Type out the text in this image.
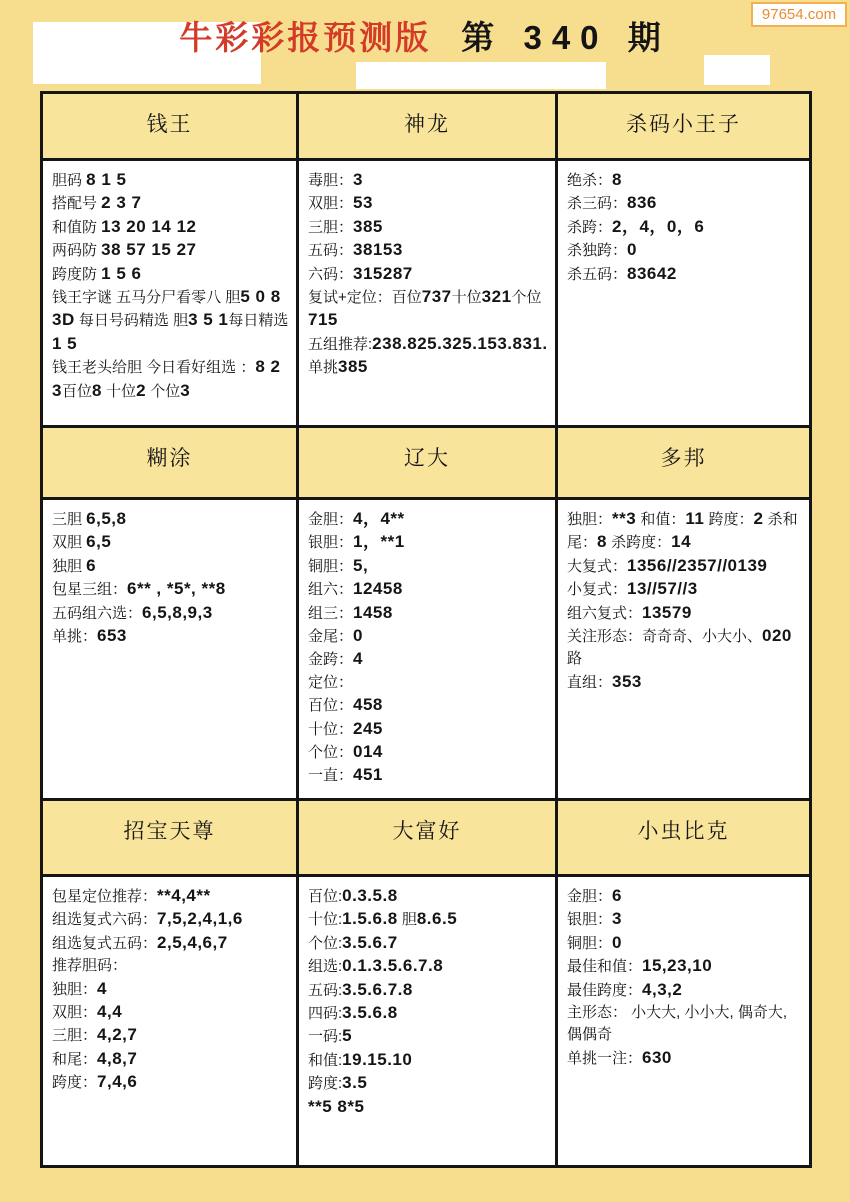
97654.com
牛彩彩报预测版 第 340 期
钱王
胆码 8 1 5
搭配号 2 3 7
和值防 13 20 14 12
两码防 38 57 15 27
跨度防 1 5 6
钱王字谜 五马分尸看零八 胆5 0 8
3D 每日号码精选 胆3 5 1每日精选 1 5
钱王老头给胆 今日看好组选 ：8 2 3百位8 十位2 个位3
神龙
毒胆：3
双胆：53
三胆：385
五码：38153
六码：315287
复试+定位：百位737十位321个位715
五组推荐:238.825.325.153.831.
单挑385
杀码小王子
绝杀：8
杀三码：836
杀跨：2，4，0，6
杀独跨：0
杀五码：83642
糊涂
三胆 6,5,8
双胆 6,5
独胆 6
包星三组：6** , *5*, **8
五码组六选：6,5,8,9,3
单挑：653
辽大
金胆：4，4**
银胆：1，**1
铜胆：5,
组六：12458
组三：1458
金尾：0
金跨：4
定位：
百位：458
十位：245
个位：014
一直：451
多邦
独胆：**3 和值：11 跨度：2 杀和尾：8 杀跨度：14
大复式：1356//2357//0139
小复式：13//57//3
组六复式：13579
关注形态：奇奇奇、小大小、020路
直组：353
招宝天尊
包星定位推荐：**4,4**
组选复式六码：7,5,2,4,1,6
组选复式五码：2,5,4,6,7
推荐胆码：
独胆：4
双胆：4,4
三胆：4,2,7
和尾：4,8,7
跨度：7,4,6
大富好
百位:0.3.5.8
十位:1.5.6.8 胆8.6.5
个位:3.5.6.7
组选:0.1.3.5.6.7.8
五码:3.5.6.7.8
四码:3.5.6.8
一码:5
和值:19.15.10
跨度:3.5
**5 8*5
小虫比克
金胆：6
银胆：3
铜胆：0
最佳和值：15,23,10
最佳跨度：4,3,2
主形态： 小大大, 小小大, 偶奇大, 偶偶奇
单挑一注：630
